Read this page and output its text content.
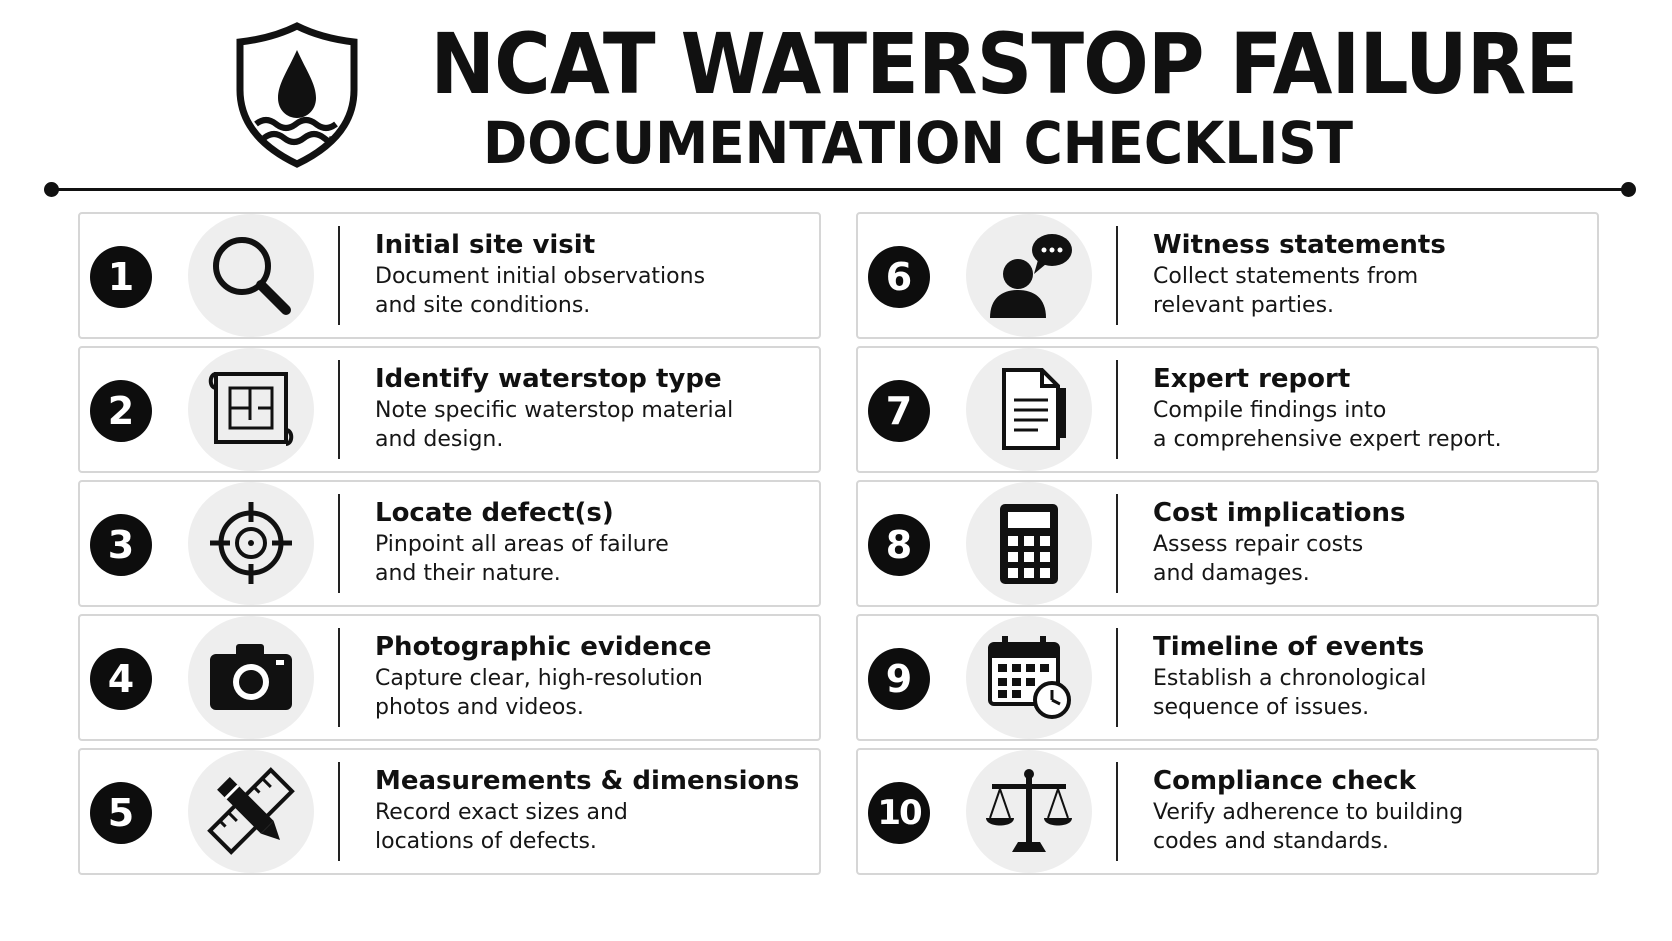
NCAT WATERSTOP FAILURE
DOCUMENTATION CHECKLIST
1
Initial site visit
Document initial observations
and site conditions.
2
Identify waterstop type
Note specific waterstop material
and design.
3
Locate defect(s)
Pinpoint all areas of failure
and their nature.
4
Photographic evidence
Capture clear, high-resolution
photos and videos.
5
Measurements & dimensions
Record exact sizes and
locations of defects.
6
Witness statements
Collect statements from
relevant parties.
7
Expert report
Compile findings into
a comprehensive expert report.
8
Cost implications
Assess repair costs
and damages.
9
Timeline of events
Establish a chronological
sequence of issues.
10
Compliance check
Verify adherence to building
codes and standards.
